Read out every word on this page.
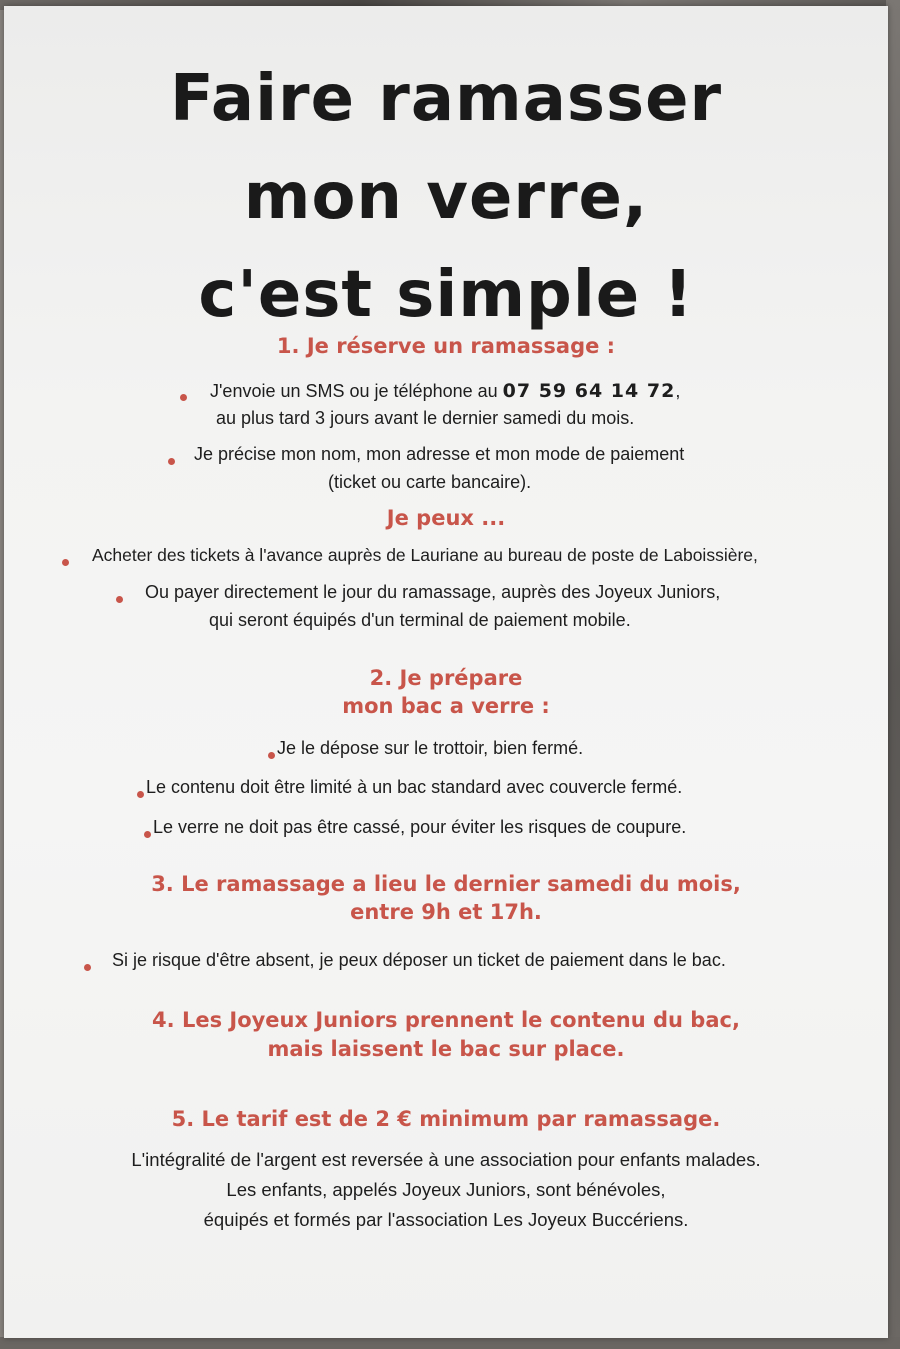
Faire ramasser
mon verre,
c'est simple !
1. Je réserve un ramassage :
J'envoie un SMS ou je téléphone au 07 59 64 14 72,
au plus tard 3 jours avant le dernier samedi du mois.
Je précise mon nom, mon adresse et mon mode de paiement
(ticket ou carte bancaire).
Je peux ...
Acheter des tickets à l'avance auprès de Lauriane au bureau de poste de Laboissière,
Ou payer directement le jour du ramassage, auprès des Joyeux Juniors,
qui seront équipés d'un terminal de paiement mobile.
2. Je prépare
mon bac a verre :
Je le dépose sur le trottoir, bien fermé.
Le contenu doit être limité à un bac standard avec couvercle fermé.
Le verre ne doit pas être cassé, pour éviter les risques de coupure.
3. Le ramassage a lieu le dernier samedi du mois,
entre 9h et 17h.
Si je risque d'être absent, je peux déposer un ticket de paiement dans le bac.
4. Les Joyeux Juniors prennent le contenu du bac,
mais laissent le bac sur place.
5. Le tarif est de 2 € minimum par ramassage.
L'intégralité de l'argent est reversée à une association pour enfants malades.
Les enfants, appelés Joyeux Juniors, sont bénévoles,
équipés et formés par l'association Les Joyeux Buccériens.
